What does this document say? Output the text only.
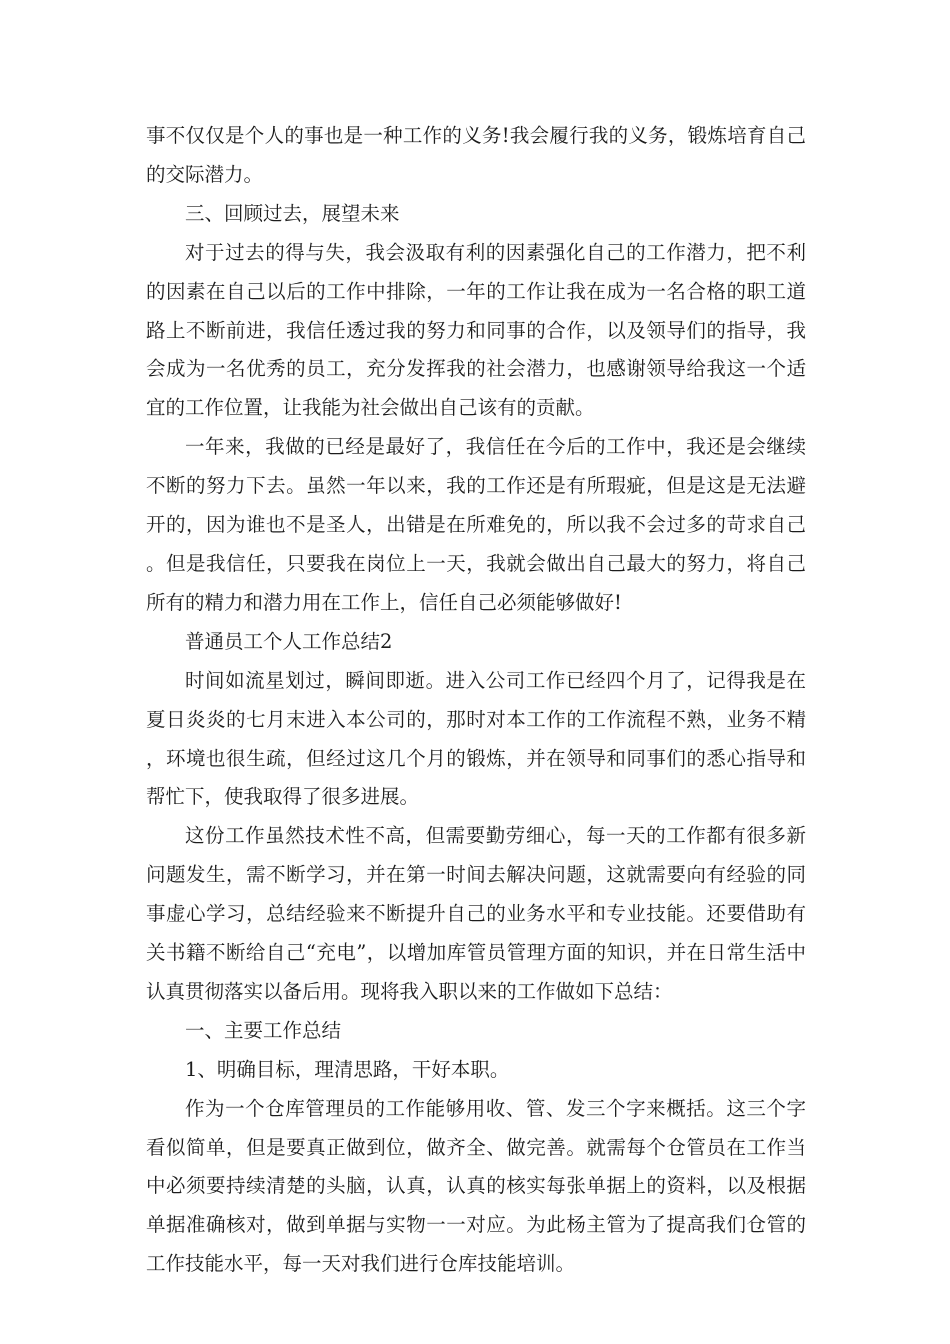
事不仅仅是个人的事也是一种工作的义务!我会履行我的义务，锻炼培育自己的交际潜力。

三、回顾过去，展望未来

对于过去的得与失，我会汲取有利的因素强化自己的工作潜力，把不利的因素在自己以后的工作中排除，一年的工作让我在成为一名合格的职工道路上不断前进，我信任透过我的努力和同事的合作，以及领导们的指导，我会成为一名优秀的员工，充分发挥我的社会潜力，也感谢领导给我这一个适宜的工作位置，让我能为社会做出自己该有的贡献。

一年来，我做的已经是最好了，我信任在今后的工作中，我还是会继续不断的努力下去。虽然一年以来，我的工作还是有所瑕疵，但是这是无法避开的，因为谁也不是圣人，出错是在所难免的，所以我不会过多的苛求自己。但是我信任，只要我在岗位上一天，我就会做出自己最大的努力，将自己所有的精力和潜力用在工作上，信任自己必须能够做好!

普通员工个人工作总结2

时间如流星划过，瞬间即逝。进入公司工作已经四个月了，记得我是在夏日炎炎的七月末进入本公司的，那时对本工作的工作流程不熟，业务不精，环境也很生疏，但经过这几个月的锻炼，并在领导和同事们的悉心指导和帮忙下，使我取得了很多进展。

这份工作虽然技术性不高，但需要勤劳细心，每一天的工作都有很多新问题发生，需不断学习，并在第一时间去解决问题，这就需要向有经验的同事虚心学习，总结经验来不断提升自己的业务水平和专业技能。还要借助有关书籍不断给自己“充电”，以增加库管员管理方面的知识，并在日常生活中认真贯彻落实以备后用。现将我入职以来的工作做如下总结：

一、主要工作总结

1、明确目标，理清思路，干好本职。

作为一个仓库管理员的工作能够用收、管、发三个字来概括。这三个字看似简单，但是要真正做到位，做齐全、做完善。就需每个仓管员在工作当中必须要持续清楚的头脑，认真，认真的核实每张单据上的资料，以及根据单据准确核对，做到单据与实物一一对应。为此杨主管为了提高我们仓管的工作技能水平，每一天对我们进行仓库技能培训。
